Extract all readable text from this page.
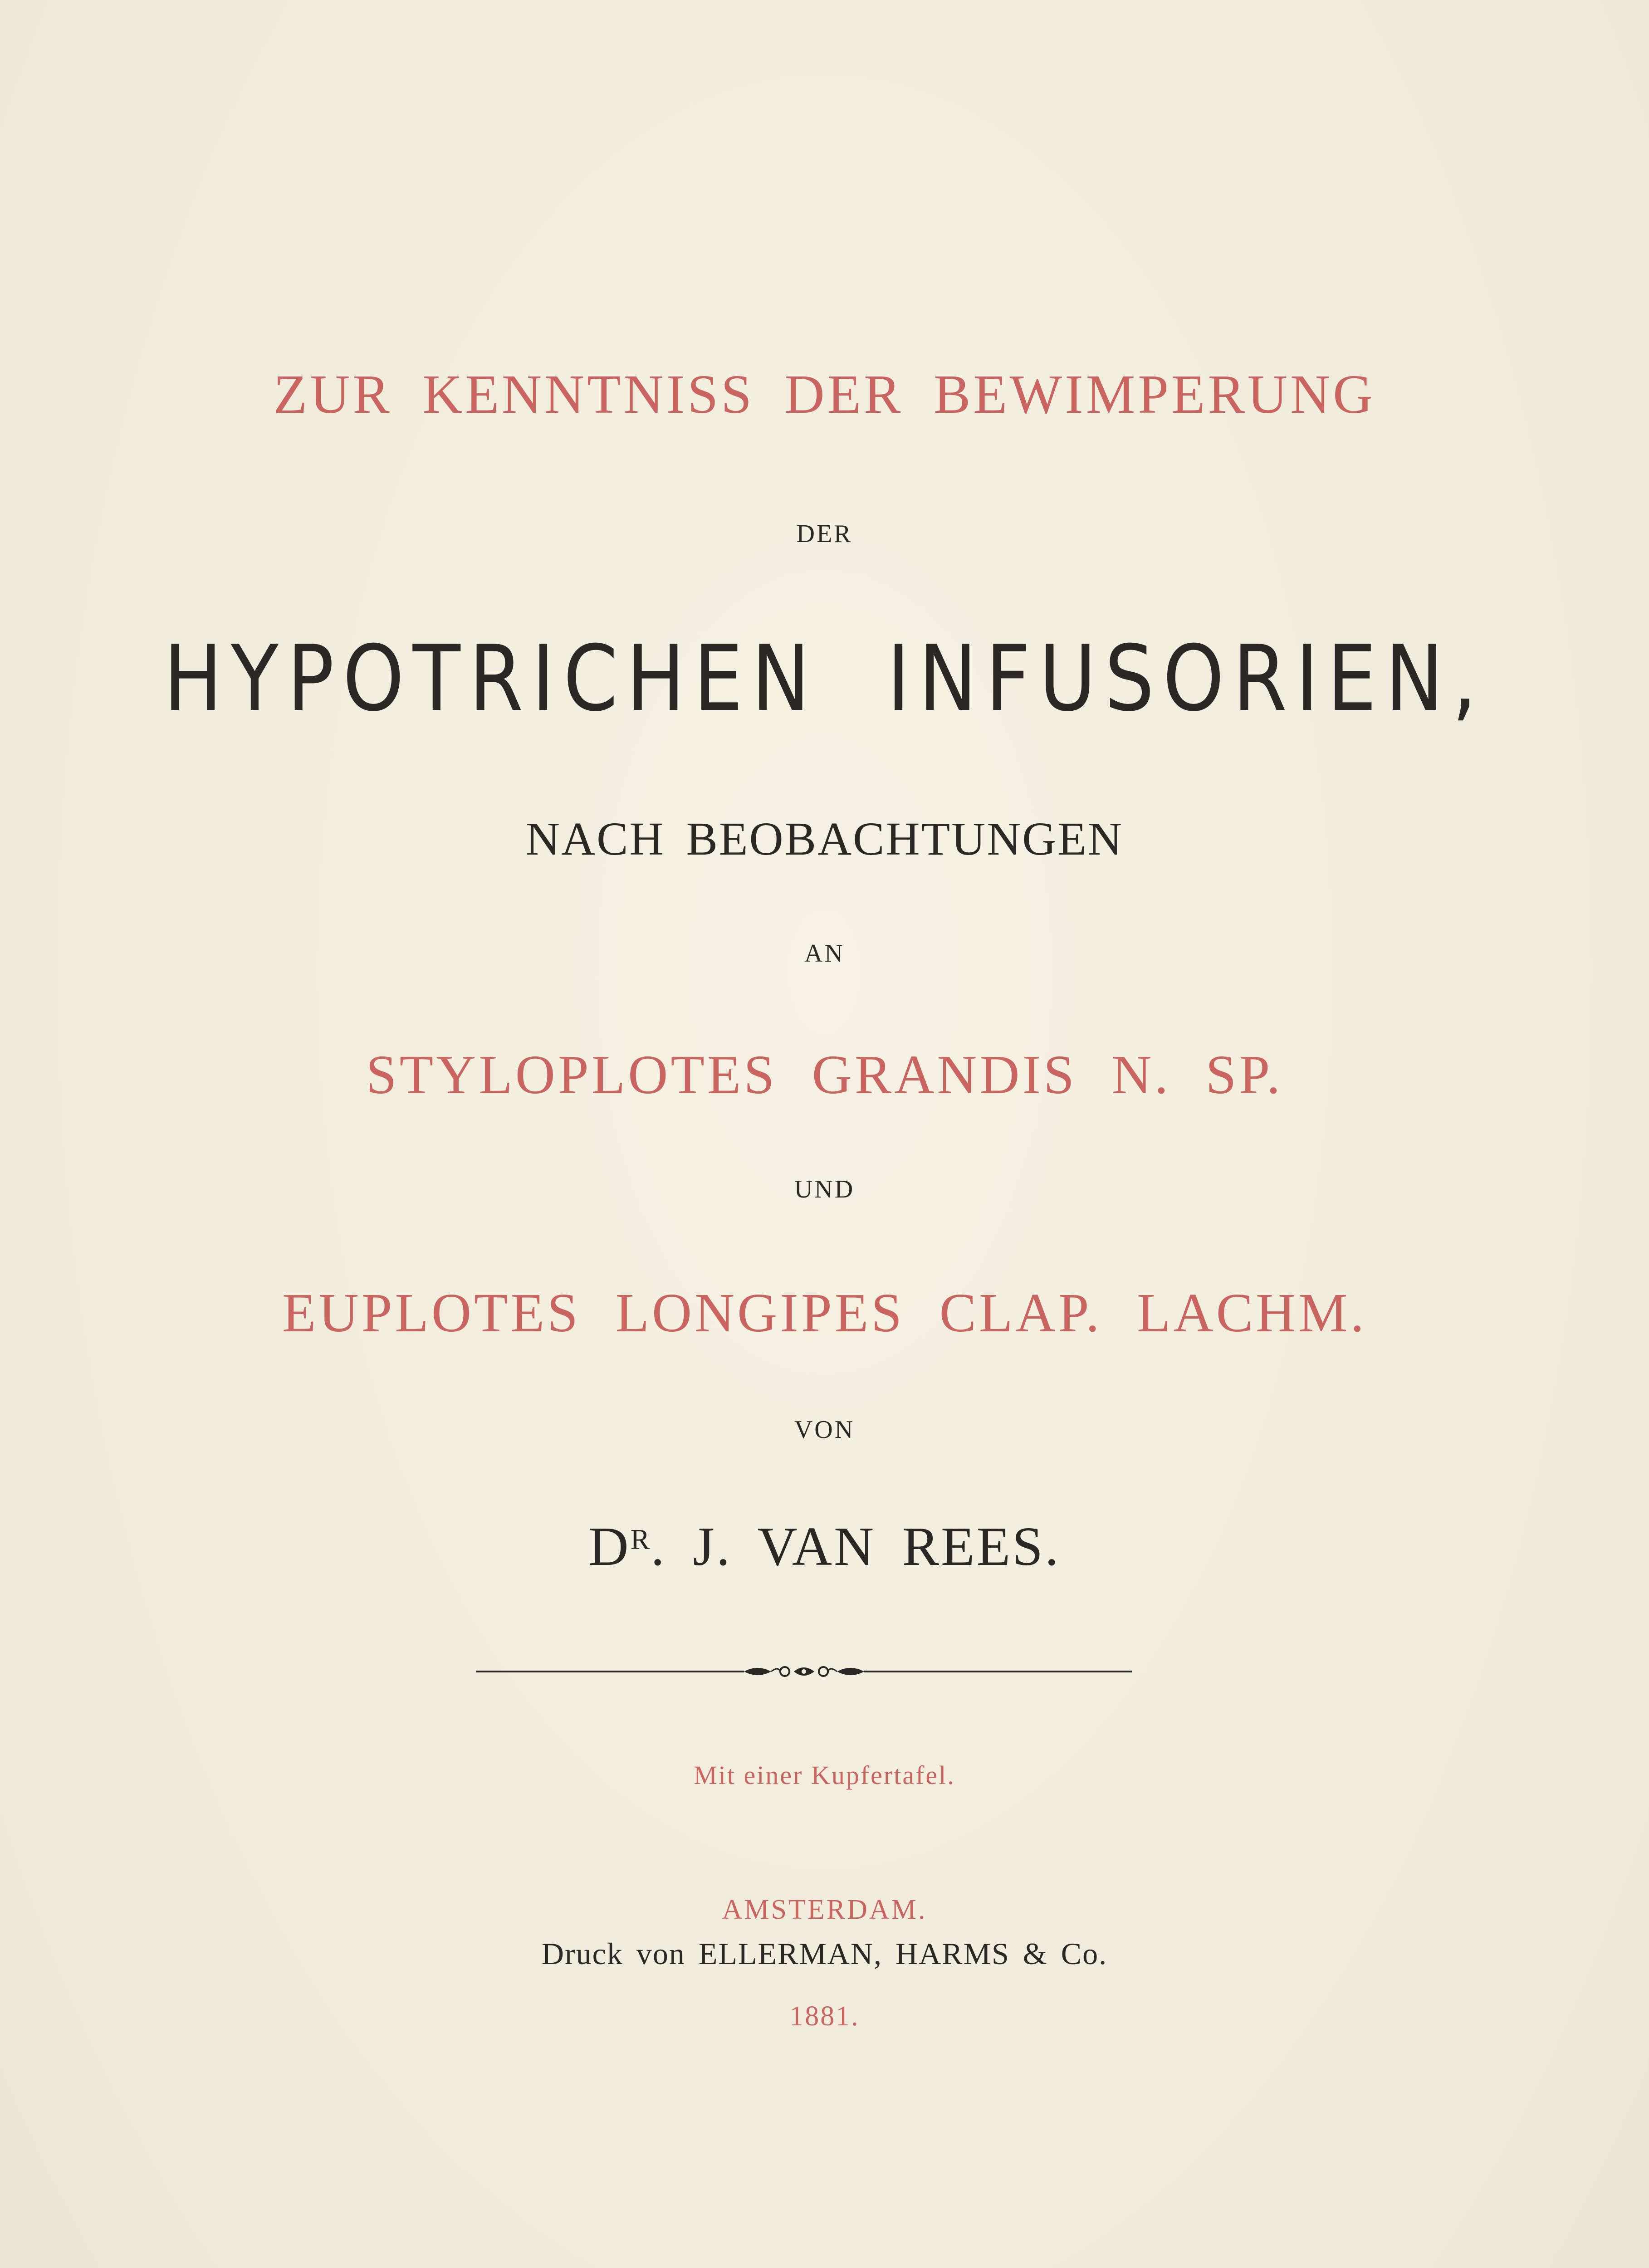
ZUR KENNTNISS DER BEWIMPERUNG

DER

HYPOTRICHEN INFUSORIEN,

NACH BEOBACHTUNGEN

AN

STYLOPLOTES GRANDIS N. SP.

UND

EUPLOTES LONGIPES CLAP. LACHM.

VON

$D^R$. J. VAN REES.

Mit einer Kupfertafel.

AMSTERDAM.

Druck von ELLERMAN, HARMS & Co.

1881.
